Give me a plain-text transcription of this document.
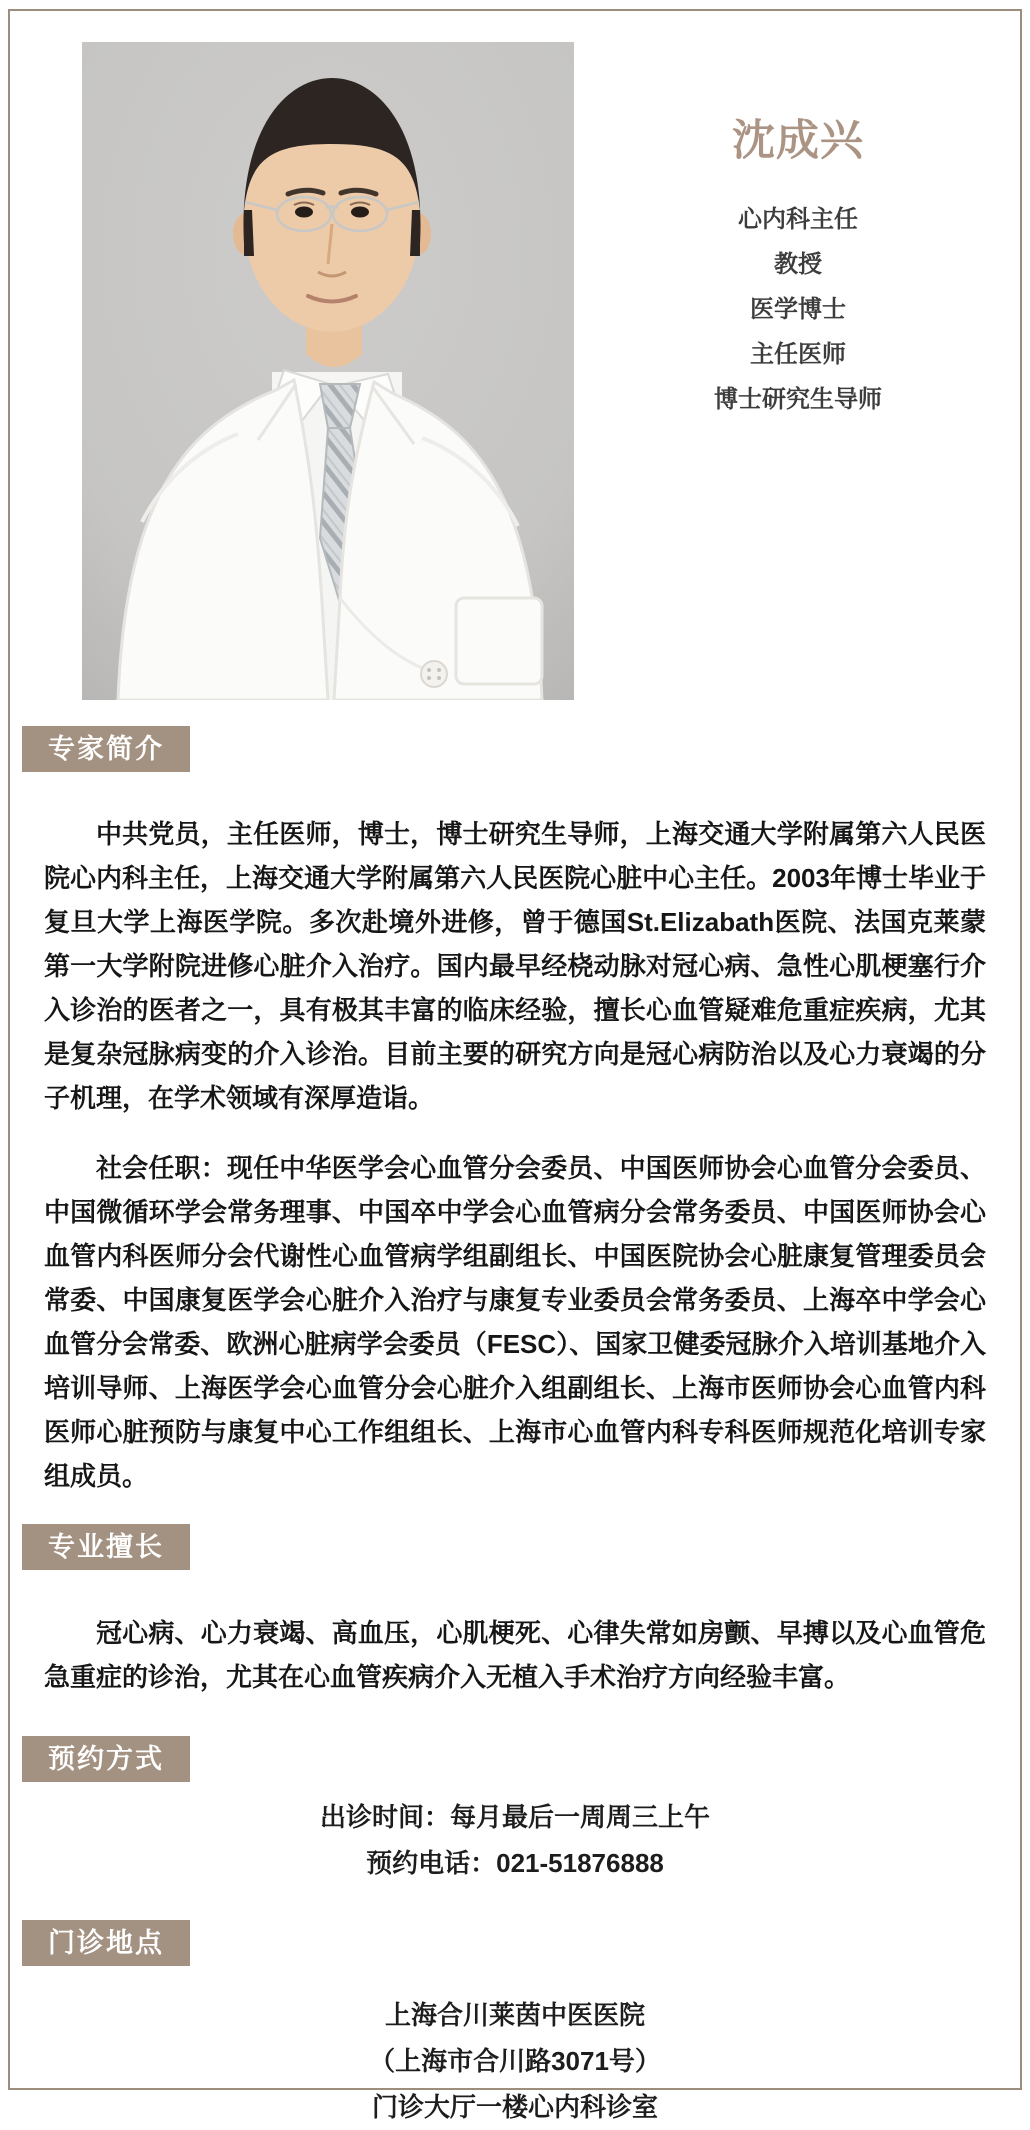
沈成兴
心内科主任
教授
医学博士
主任医师
博士研究生导师
专家简介

中共党员，主任医师，博士，博士研究生导师，上海交通大学附属第六人民医院心内科主任，上海交通大学附属第六人民医院心脏中心主任。2003年博士毕业于复旦大学上海医学院。多次赴境外进修，曾于德国St.Elizabath医院、法国克莱蒙第一大学附院进修心脏介入治疗。国内最早经桡动脉对冠心病、急性心肌梗塞行介入诊治的医者之一，具有极其丰富的临床经验，擅长心血管疑难危重症疾病，尤其是复杂冠脉病变的介入诊治。目前主要的研究方向是冠心病防治以及心力衰竭的分子机理，在学术领域有深厚造诣。

社会任职：现任中华医学会心血管分会委员、中国医师协会心血管分会委员、中国微循环学会常务理事、中国卒中学会心血管病分会常务委员、中国医师协会心血管内科医师分会代谢性心血管病学组副组长、中国医院协会心脏康复管理委员会常委、中国康复医学会心脏介入治疗与康复专业委员会常务委员、上海卒中学会心血管分会常委、欧洲心脏病学会委员（FESC）、国家卫健委冠脉介入培训基地介入培训导师、上海医学会心血管分会心脏介入组副组长、上海市医师协会心血管内科医师心脏预防与康复中心工作组组长、上海市心血管内科专科医师规范化培训专家组成员。

专业擅长

冠心病、心力衰竭、高血压，心肌梗死、心律失常如房颤、早搏以及心血管危急重症的诊治，尤其在心血管疾病介入无植入手术治疗方向经验丰富。

预约方式
出诊时间：每月最后一周周三上午
预约电话：021-51876888
门诊地点
上海合川莱茵中医医院
（上海市合川路3071号）
门诊大厅一楼心内科诊室
